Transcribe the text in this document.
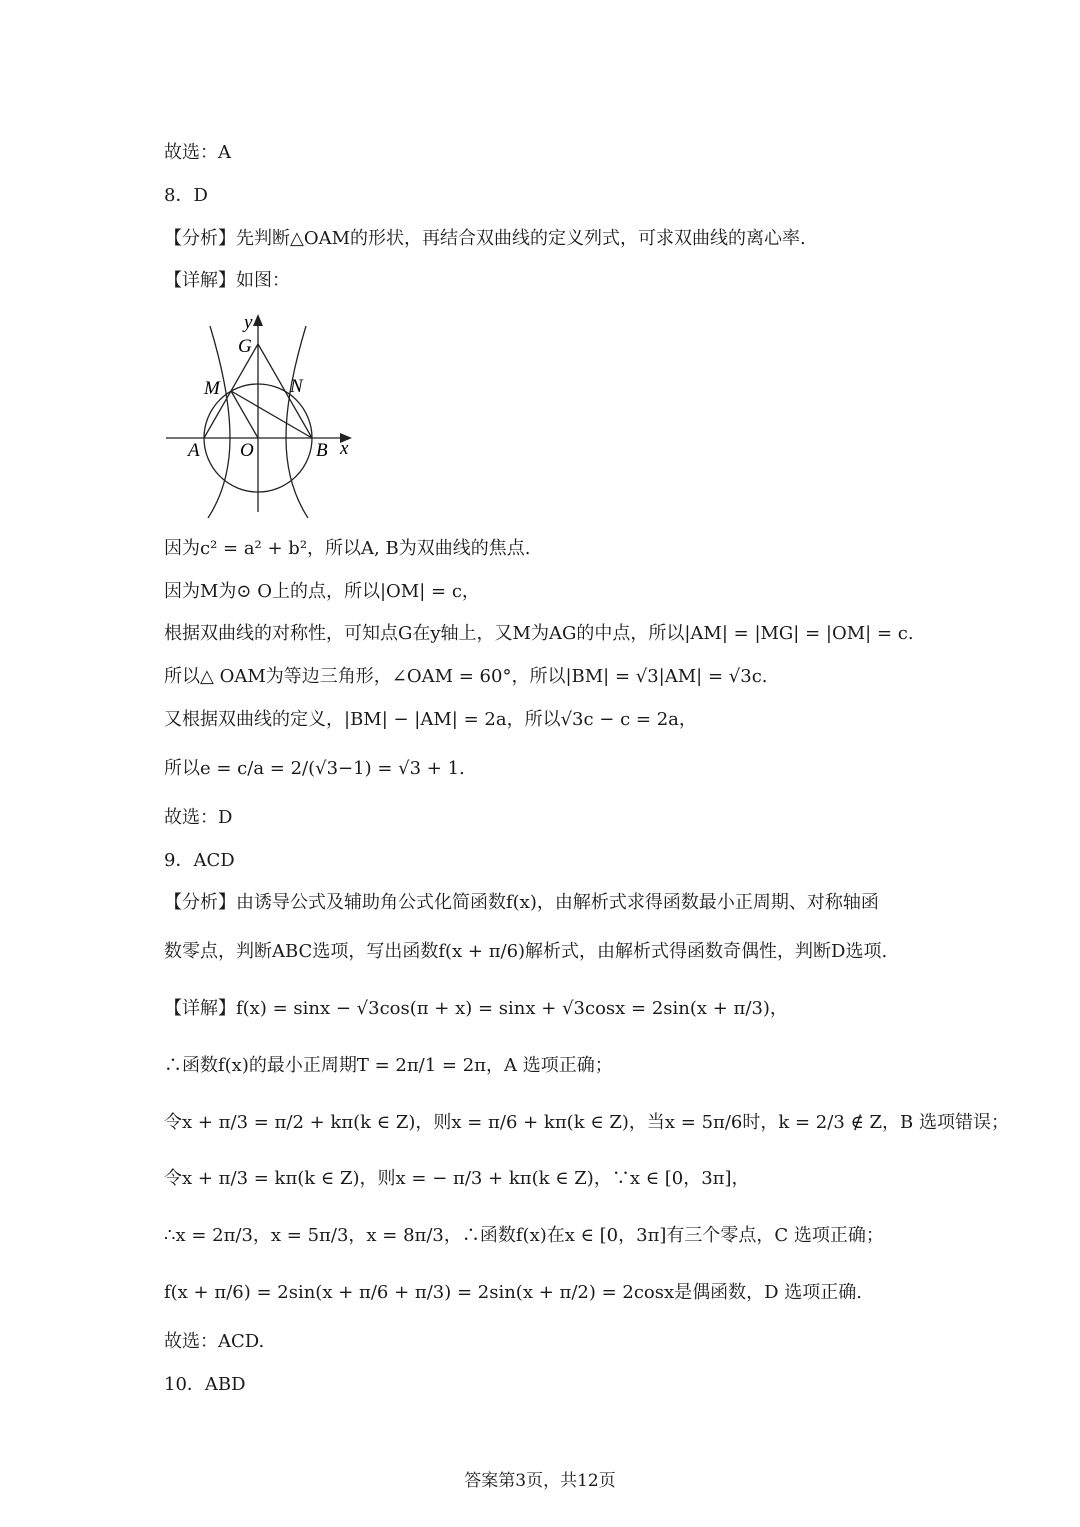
故选：A
8．D
【分析】先判断△OAM的形状，再结合双曲线的定义列式，可求双曲线的离心率.
【详解】如图：
y
G
M	N
A O	B x
因为c² = a² + b²，所以A, B为双曲线的焦点.
因为M为⊙ O上的点，所以|OM| = c，
根据双曲线的对称性，可知点G在y轴上，又M为AG的中点，所以|AM| = |MG| = |OM| = c.
所以△ OAM为等边三角形，∠OAM = 60°，所以|BM| = √3|AM| = √3c.
又根据双曲线的定义，|BM| − |AM| = 2a，所以√3c − c = 2a，
所以e = c/a = 2/(√3−1) = √3 + 1.
故选：D
9．ACD
【分析】由诱导公式及辅助角公式化简函数f(x)，由解析式求得函数最小正周期、对称轴函
数零点，判断ABC选项，写出函数f(x + π/6)解析式，由解析式得函数奇偶性，判断D选项.
【详解】f(x) = sinx − √3cos(π + x) = sinx + √3cosx = 2sin(x + π/3)，
∴函数f(x)的最小正周期T = 2π/1 = 2π，A 选项正确；
令x + π/3 = π/2 + kπ(k ∈ Z)，则x = π/6 + kπ(k ∈ Z)，当x = 5π/6时，k = 2/3 ∉ Z，B 选项错误；
令x + π/3 = kπ(k ∈ Z)，则x = − π/3 + kπ(k ∈ Z)，∵x ∈ [0，3π]，
∴x = 2π/3，x = 5π/3，x = 8π/3，∴函数f(x)在x ∈ [0，3π]有三个零点，C 选项正确；
f(x + π/6) = 2sin(x + π/6 + π/3) = 2sin(x + π/2) = 2cosx是偶函数，D 选项正确.
故选：ACD.
10．ABD
答案第3页，共12页
